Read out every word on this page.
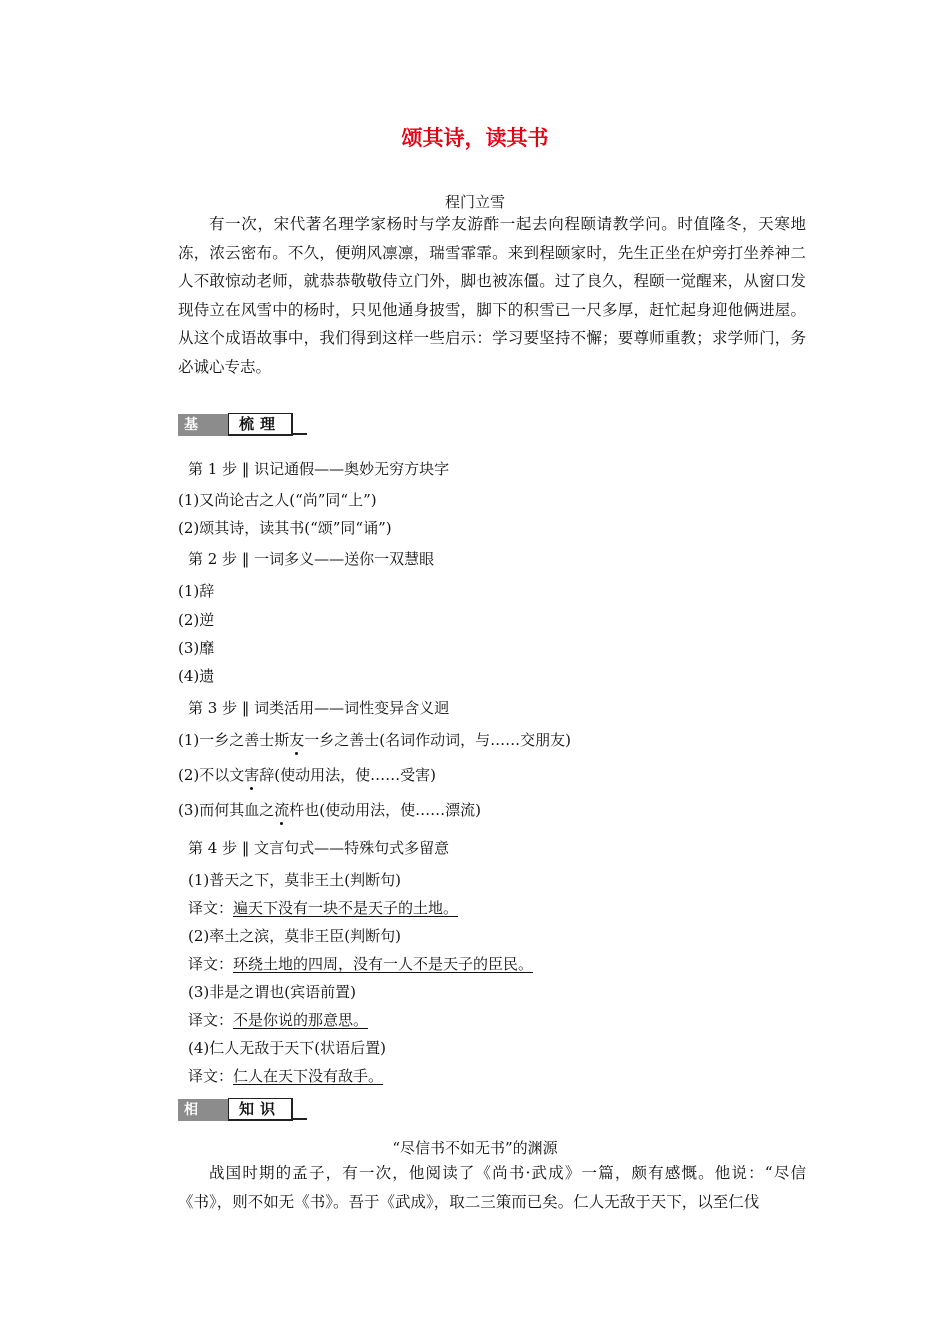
颂其诗，读其书
程门立雪

有一次，宋代著名理学家杨时与学友游酢一起去向程颐请教学问。时值隆冬，天寒地冻，浓云密布。不久，便朔风凛凛，瑞雪霏霏。来到程颐家时，先生正坐在炉旁打坐养神二人不敢惊动老师，就恭恭敬敬侍立门外，脚也被冻僵。过了良久，程颐一觉醒来，从窗口发现侍立在风雪中的杨时，只见他通身披雪，脚下的积雪已一尺多厚，赶忙起身迎他俩进屋。从这个成语故事中，我们得到这样一些启示：学习要坚持不懈；要尊师重教；求学师门，务必诚心专志。

基础
梳理
第 1 步 ‖ 识记通假——奥妙无穷方块字
(1)又尚论古之人(“尚”同“上”)
(2)颂其诗，读其书(“颂”同“诵”)
第 2 步 ‖ 一词多义——送你一双慧眼
(1)辞
(2)逆
(3)靡
(4)遗
第 3 步 ‖ 词类活用——词性变异含义迥
(1)一乡之善士斯友一乡之善士(名词作动词，与……交朋友)
(2)不以文害辞(使动用法，使……受害)
(3)而何其血之流杵也(使动用法，使……漂流)
第 4 步 ‖ 文言句式——特殊句式多留意
(1)普天之下，莫非王土(判断句)
译文：遍天下没有一块不是天子的土地。
(2)率土之滨，莫非王臣(判断句)
译文：环绕土地的四周，没有一人不是天子的臣民。
(3)非是之谓也(宾语前置)
译文：不是你说的那意思。
(4)仁人无敌于天下(状语后置)
译文：仁人在天下没有敌手。
相关
知识
“尽信书不如无书”的渊源

战国时期的孟子，有一次，他阅读了《尚书·武成》一篇，颇有感慨。他说：“尽信《书》，则不如无《书》。吾于《武成》，取二三策而已矣。仁人无敌于天下，以至仁伐
